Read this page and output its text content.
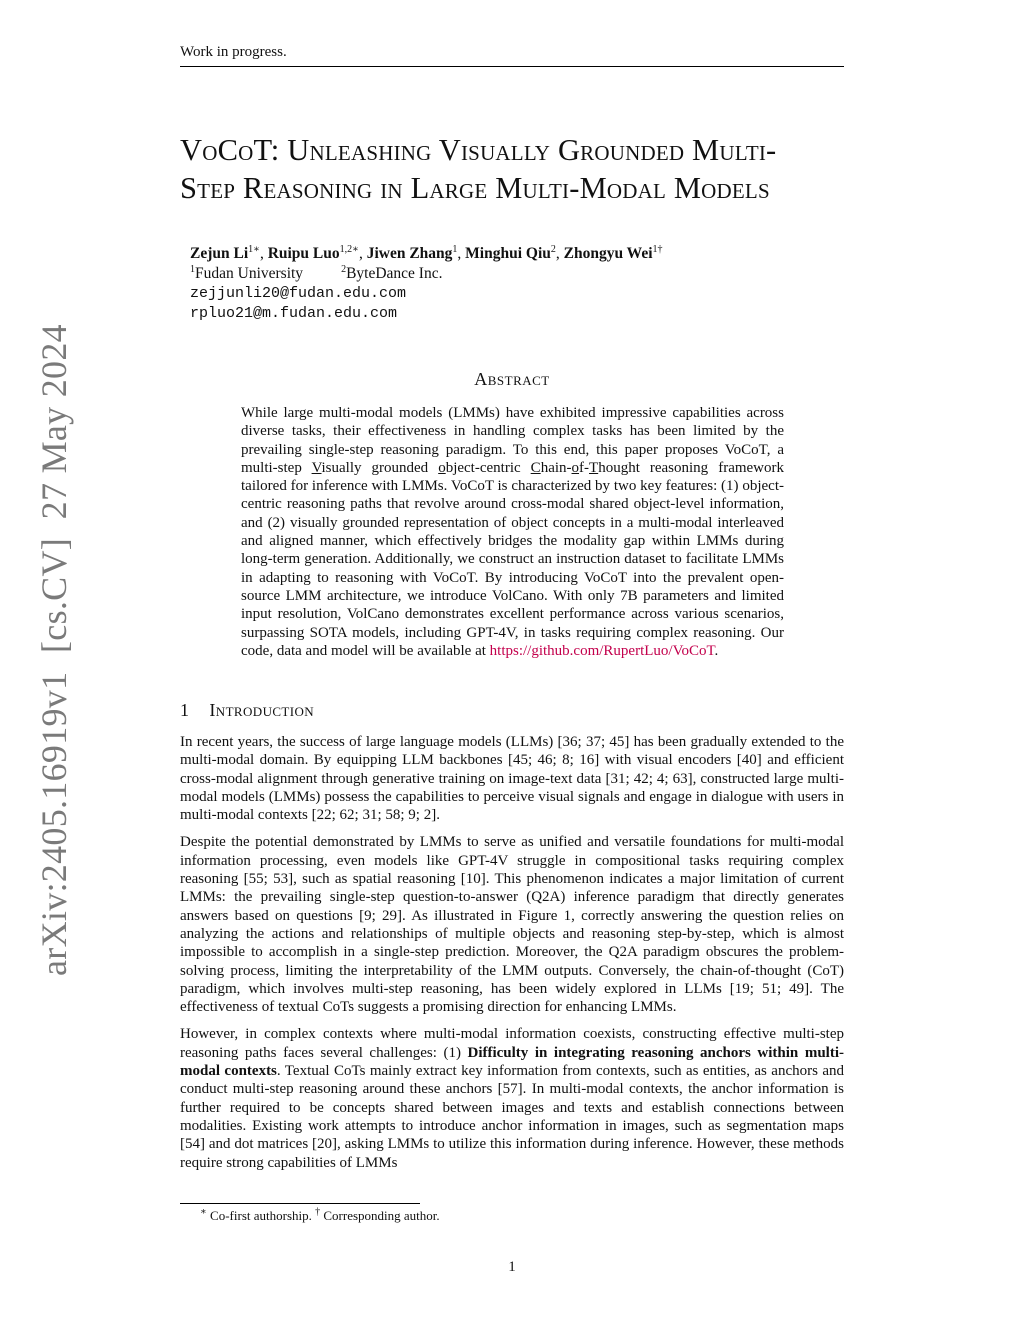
Work in progress.
arXiv:2405.16919v1  [cs.CV]  27 May 2024
VoCoT: Unleashing Visually Grounded Multi-
Step Reasoning in Large Multi-Modal Models
Zejun $Li^{1∗}$, Ruipu Luo$^{1,2∗}$, Jiwen Zhang$^1$, Minghui Qiu$^2$, Zhongyu Wei$^{1\dagger}$
$^1$Fudan University	$^2$ByteDance Inc.
zejjunli20@fudan.edu.com
rpluo21@m.fudan.edu.com
Abstract
While large multi-modal models (LMMs) have exhibited impressive capabilities across diverse tasks, their effectiveness in handling complex tasks has been limited by the prevailing single-step reasoning paradigm. To this end, this paper proposes VoCoT, a multi-step Visually grounded object-centric Chain-of-Thought reasoning framework tailored for inference with LMMs. VoCoT is characterized by two key features: (1) object-centric reasoning paths that revolve around cross-modal shared object-level information, and (2) visually grounded representation of object concepts in a multi-modal interleaved and aligned manner, which effectively bridges the modality gap within LMMs during long-term generation. Additionally, we construct an instruction dataset to facilitate LMMs in adapting to reasoning with VoCoT. By introducing VoCoT into the prevalent open-source LMM architecture, we introduce VolCano. With only 7B parameters and limited input resolution, VolCano demonstrates excellent performance across various scenarios, surpassing SOTA models, including GPT-4V, in tasks requiring complex reasoning. Our code, data and model will be available at https://github.com/RupertLuo/VoCoT.
1 Introduction

In recent years, the success of large language models (LLMs) [36; 37; 45] has been gradually extended to the multi-modal domain. By equipping LLM backbones [45; 46; 8; 16] with visual encoders [40] and efficient cross-modal alignment through generative training on image-text data [31; 42; 4; 63], constructed large multi-modal models (LMMs) possess the capabilities to perceive visual signals and engage in dialogue with users in multi-modal contexts [22; 62; 31; 58; 9; 2].

Despite the potential demonstrated by LMMs to serve as unified and versatile foundations for multi-modal information processing, even models like GPT-4V struggle in compositional tasks requiring complex reasoning [55; 53], such as spatial reasoning [10]. This phenomenon indicates a major limitation of current LMMs: the prevailing single-step question-to-answer (Q2A) inference paradigm that directly generates answers based on questions [9; 29]. As illustrated in Figure 1, correctly answering the question relies on analyzing the actions and relationships of multiple objects and reasoning step-by-step, which is almost impossible to accomplish in a single-step prediction. Moreover, the Q2A paradigm obscures the problem-solving process, limiting the interpretability of the LMM outputs. Conversely, the chain-of-thought (CoT) paradigm, which involves multi-step reasoning, has been widely explored in LLMs [19; 51; 49]. The effectiveness of textual CoTs suggests a promising direction for enhancing LMMs.

However, in complex contexts where multi-modal information coexists, constructing effective multi-step reasoning paths faces several challenges: (1) Difficulty in integrating reasoning anchors within multi-modal contexts. Textual CoTs mainly extract key information from contexts, such as entities, as anchors and conduct multi-step reasoning around these anchors [57]. In multi-modal contexts, the anchor information is further required to be concepts shared between images and texts and establish connections between modalities. Existing work attempts to introduce anchor information in images, such as segmentation maps [54] and dot matrices [20], asking LMMs to utilize this information during inference. However, these methods require strong capabilities of LMMs

∗ Co-first authorship. † Corresponding author.
1
